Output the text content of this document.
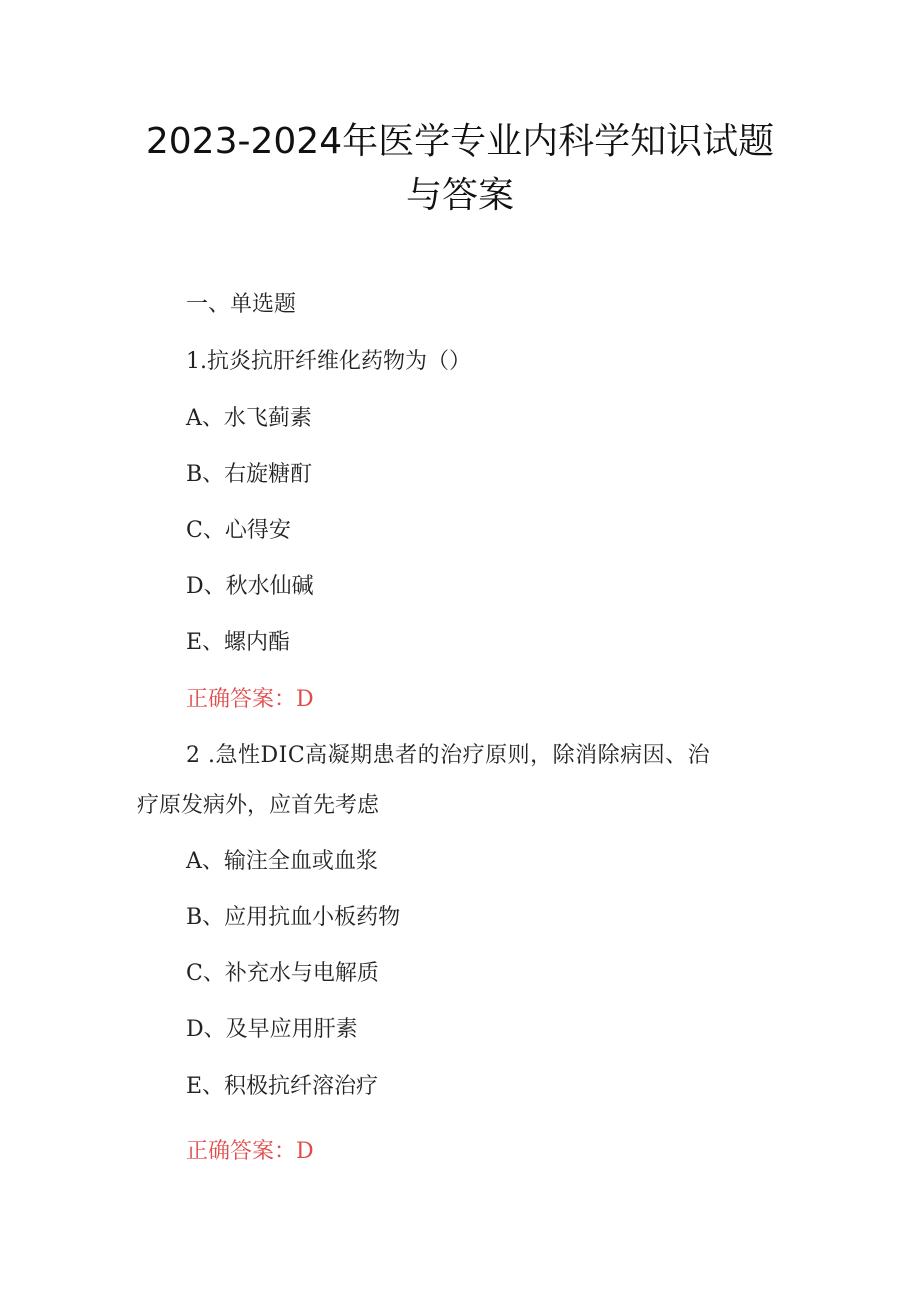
2023-2024年医学专业内科学知识试题
与答案
一、单选题
1.抗炎抗肝纤维化药物为（）
A、水飞蓟素
B、右旋糖酊
C、心得安
D、秋水仙碱
E、螺内酯
正确答案：D
2 .急性DIC高凝期患者的治疗原则，除消除病因、治
疗原发病外，应首先考虑
A、输注全血或血浆
B、应用抗血小板药物
C、补充水与电解质
D、及早应用肝素
E、积极抗纤溶治疗
正确答案：D
